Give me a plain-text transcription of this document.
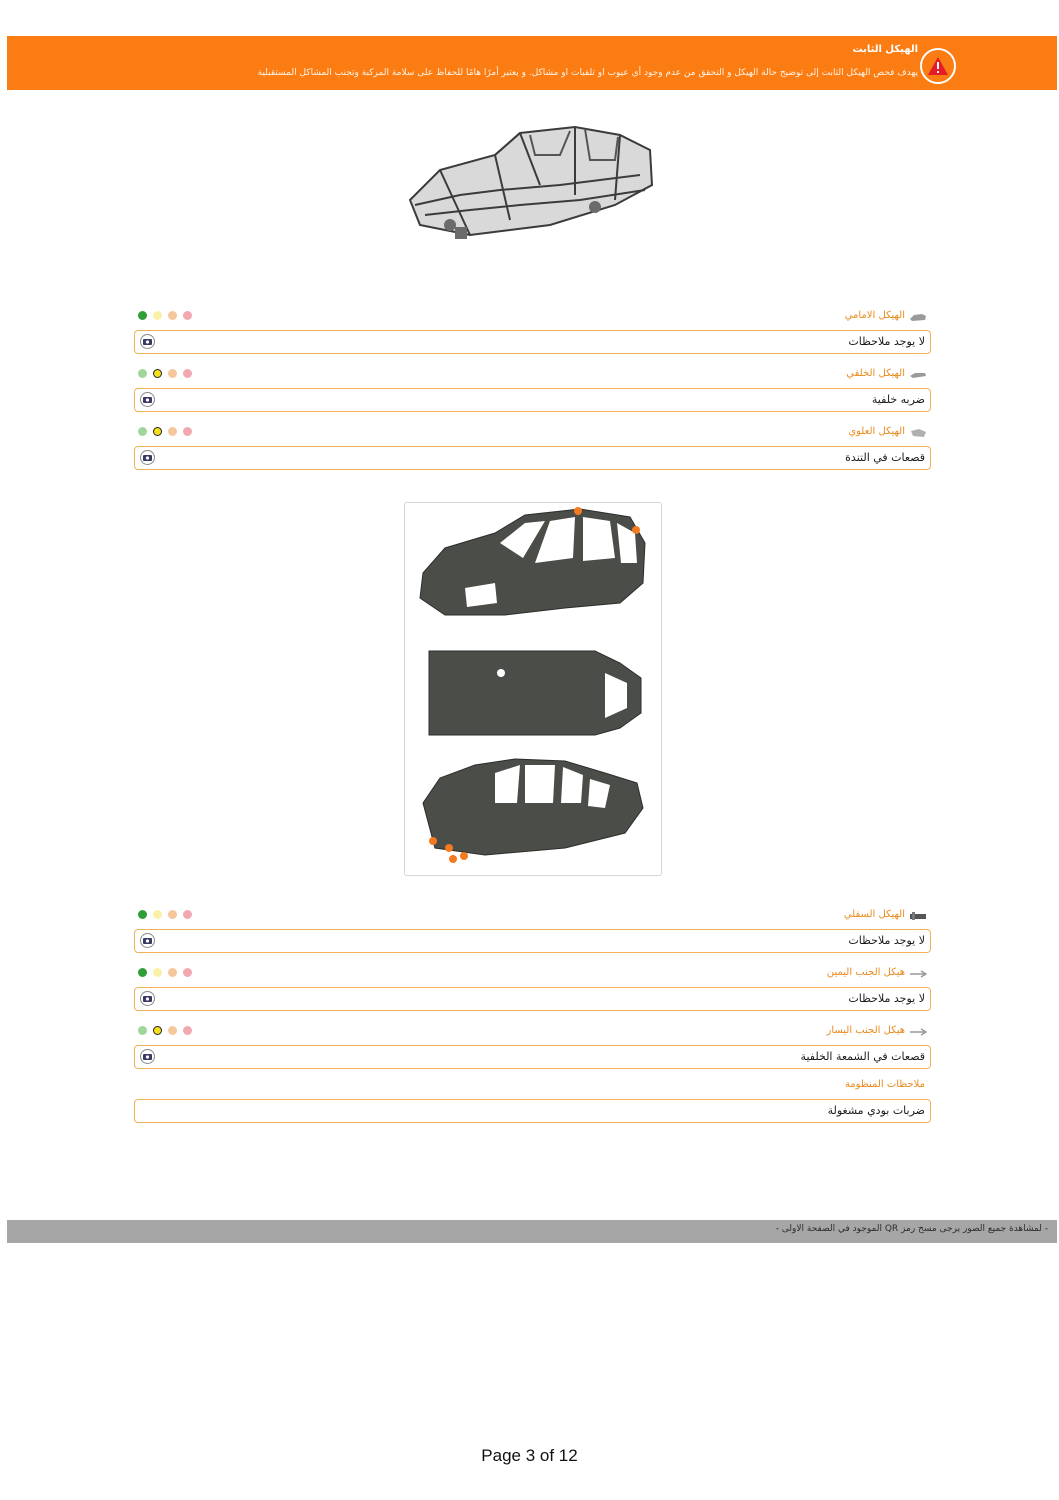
الهيكل الثابت
يهدف فحص الهيكل الثابت إلى توضيح حالة الهيكل و التحقق من عدم وجود أي عيوب او تلفيات او مشاكل. و يعتبر أمرًا هامًا للحفاظ على سلامة المركبة وتجنب المشاكل المستقبلية
الهيكل الامامي
لا يوجد ملاحظات
الهيكل الخلفي
ضربه خلفية
الهيكل العلوي
قصعات في التندة
الهيكل السفلي
لا يوجد ملاحظات
هيكل الجنب اليمين
لا يوجد ملاحظات
هيكل الجنب اليسار
قصعات في الشمعة الخلفية
ملاحظات المنظومة
ضربات بودي مشغولة
- لمشاهدة جميع الصور يرجى مسح رمز QR الموجود في الصفحة الاولى -
Page 3 of 12
